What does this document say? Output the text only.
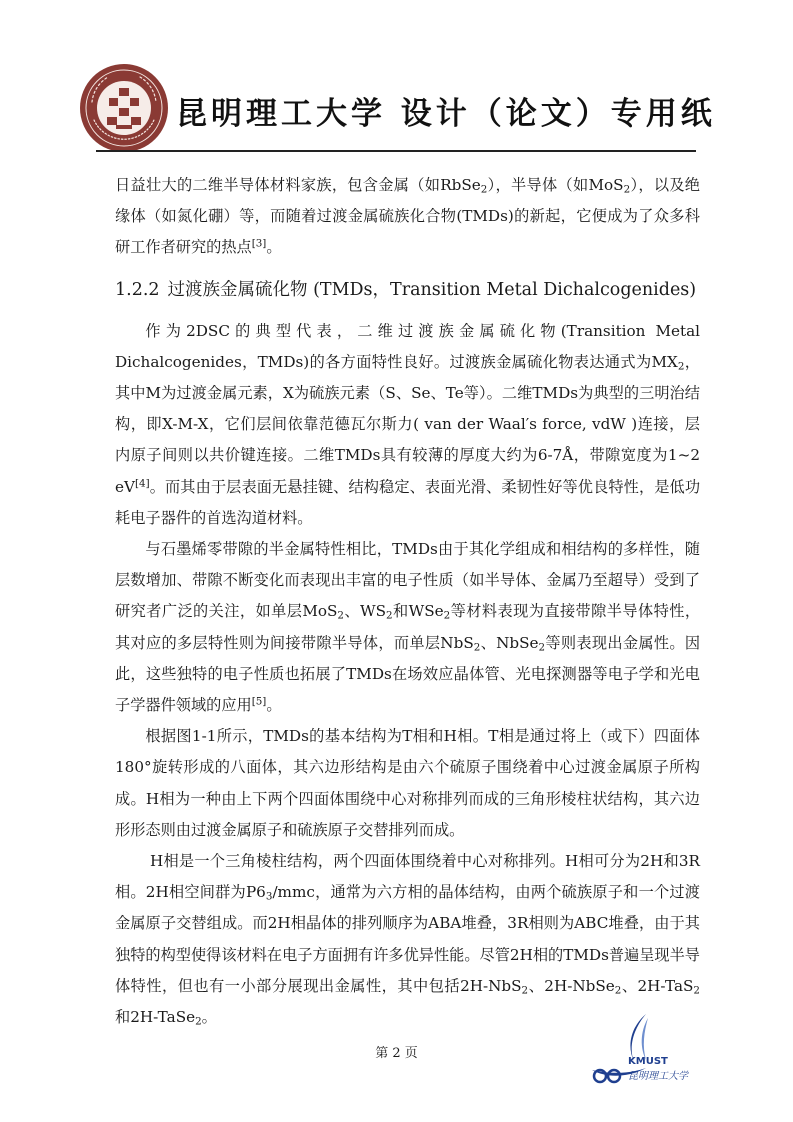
昆明理工大学 设计（论文）专用纸

日益壮大的二维半导体材料家族，包含金属（如RbSe$_2$），半导体（如MoS$_2$），以及绝缘体（如氮化硼）等，而随着过渡金属硫族化合物(TMDs)的新起，它便成为了众多科研工作者研究的热点[3]。

1.2.2 过渡族金属硫化物 (TMDs，Transition Metal Dichalcogenides)

作为2DSC的典型代表，二维过渡族金属硫化物(Transition Metal Dichalcogenides，TMDs)的各方面特性良好。过渡族金属硫化物表达通式为$MX_2$，其中M为过渡金属元素，X为硫族元素（S、Se、Te等）。二维TMDs为典型的三明治结构，即X-M-X，它们层间依靠范德瓦尔斯力( van der Waal′s force, vdW )连接，层内原子间则以共价键连接。二维TMDs具有较薄的厚度大约为6-7Å，带隙宽度为1~2 eV[4]。而其由于层表面无悬挂键、结构稳定、表面光滑、柔韧性好等优良特性，是低功耗电子器件的首选沟道材料。

与石墨烯零带隙的半金属特性相比，TMDs由于其化学组成和相结构的多样性，随层数增加、带隙不断变化而表现出丰富的电子性质（如半导体、金属乃至超导）受到了研究者广泛的关注，如单层MoS$_2$、$WS_2$和WSe$_2$等材料表现为直接带隙半导体特性，其对应的多层特性则为间接带隙半导体，而单层NbS$_2$、NbSe$_2$等则表现出金属性。因此，这些独特的电子性质也拓展了TMDs在场效应晶体管、光电探测器等电子学和光电子学器件领域的应用[5]。

根据图1-1所示，TMDs的基本结构为T相和H相。T相是通过将上（或下）四面体180°旋转形成的八面体，其六边形结构是由六个硫原子围绕着中心过渡金属原子所构成。H相为一种由上下两个四面体围绕中心对称排列而成的三角形棱柱状结构，其六边形形态则由过渡金属原子和硫族原子交替排列而成。

H相是一个三角棱柱结构，两个四面体围绕着中心对称排列。H相可分为2H和3R相。2H相空间群为$P6_3$/mmc，通常为六方相的晶体结构，由两个硫族原子和一个过渡金属原子交替组成。而2H相晶体的排列顺序为ABA堆叠，3R相则为ABC堆叠，由于其独特的构型使得该材料在电子方面拥有许多优异性能。尽管2H相的TMDs普遍呈现半导体特性，但也有一小部分展现出金属性，其中包括2H-NbS$_2$、2H-NbSe$_2$、2H-TaS$_2$和2H-TaSe$_2$。

第 2 页
KMUST
昆明理工大学
